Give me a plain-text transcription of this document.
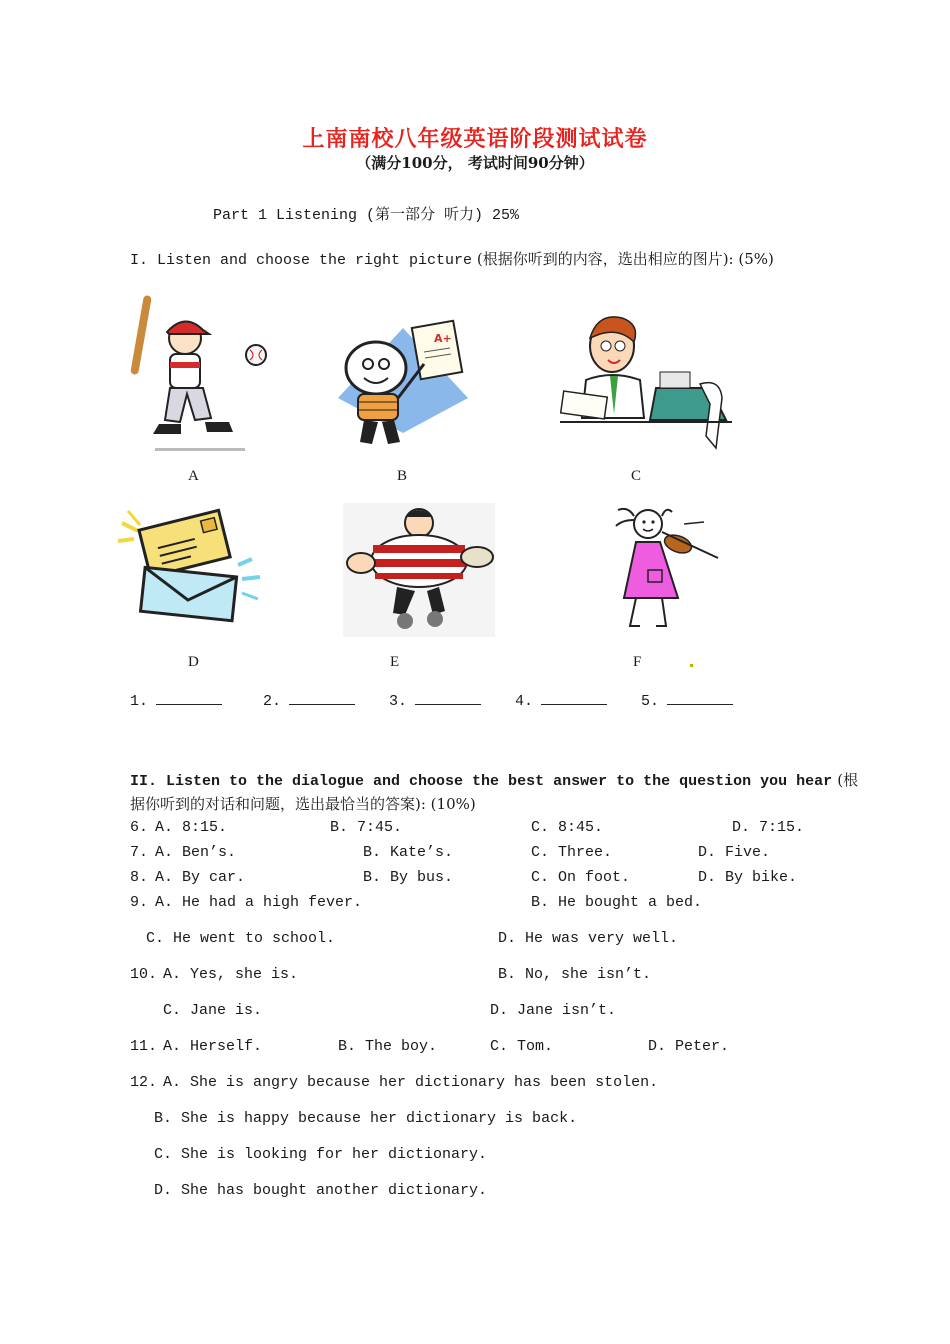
上南南校八年级英语阶段测试试卷
（满分100分， 考试时间90分钟）
Part 1 Listening (第一部分 听力) 25%
I. Listen and choose the right picture (根据你听到的内容，选出相应的图片): (5%)
A
A+
B	C
D	E	F
1.	2.	3.	4.	5.
II. Listen to the dialogue and choose the best answer to the question you hear (根
据你听到的对话和问题，选出最恰当的答案): (10%)
6. A. 8:15.	B. 7:45.	C. 8:45.	D. 7:15.
7. A. Ben’s.	B. Kate’s.	C. Three.	D. Five.
8. A. By car.	B. By bus.	C. On foot.	D. By bike.
9. A. He had a high fever.	B. He bought a bed.
C. He went to school.	D. He was very well.
10. A. Yes, she is.	B. No, she isn’t.
C. Jane is.	D. Jane isn’t.
11. A. Herself.	B. The boy.	C. Tom.	D. Peter.
12. A. She is angry because her dictionary has been stolen.
B. She is happy because her dictionary is back.
C. She is looking for her dictionary.
D. She has bought another dictionary.
